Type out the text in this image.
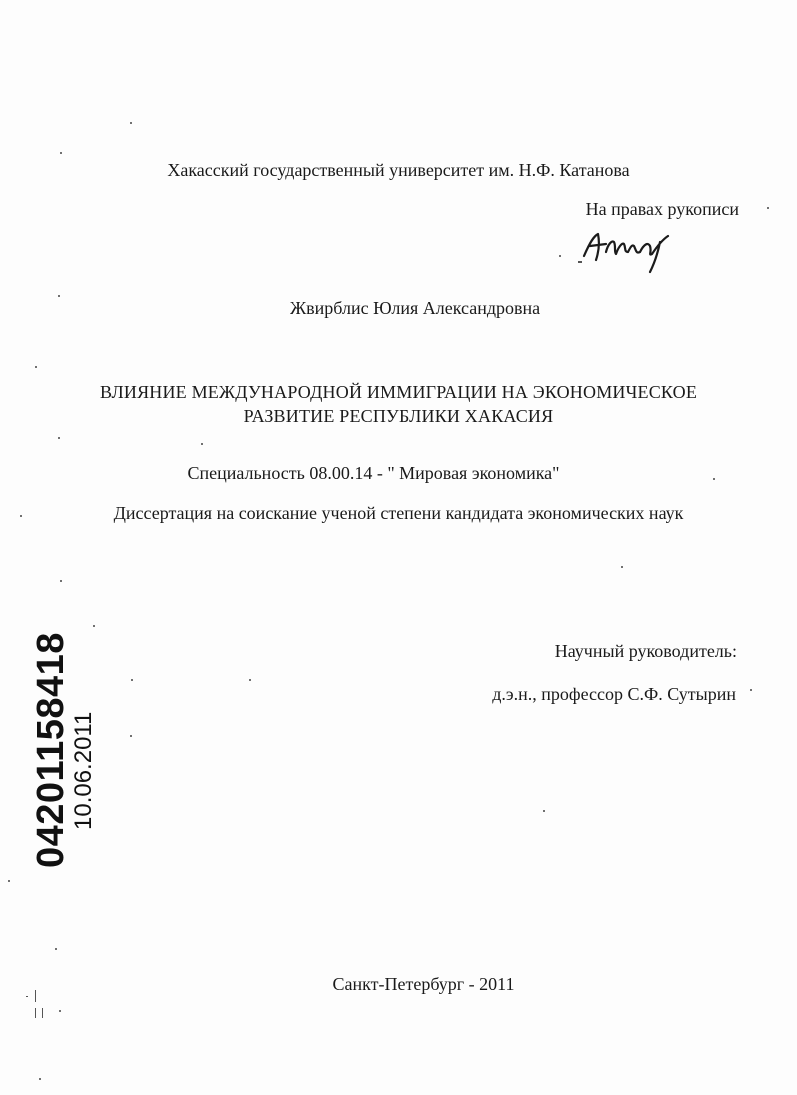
Хакасский государственный университет им. Н.Ф. Катанова
На правах рукописи
Жвирблис Юлия Александровна
ВЛИЯНИЕ МЕЖДУНАРОДНОЙ ИММИГРАЦИИ НА ЭКОНОМИЧЕСКОЕ
РАЗВИТИЕ РЕСПУБЛИКИ ХАКАСИЯ
Специальность 08.00.14 - " Мировая экономика"
Диссертация на соискание ученой степени кандидата экономических наук
Научный руководитель:
д.э.н., профессор С.Ф. Сутырин
Санкт-Петербург - 2011
04201158418
10.06.2011
